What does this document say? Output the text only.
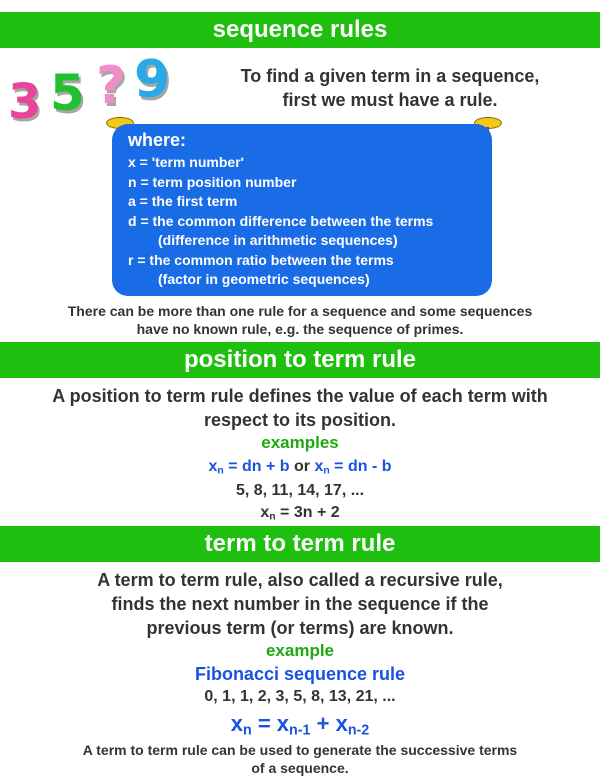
sequence rules
3 5 ? 9	To find a given term in a sequence,
first we must have a rule.
where:
x = 'term number'
n = term position number
a = the first term
d = the common difference between the terms
(difference in arithmetic sequences)
r = the common ratio between the terms
(factor in geometric sequences)
There can be more than one rule for a sequence and some sequences
have no known rule, e.g. the sequence of primes.
position to term rule
A position to term rule defines the value of each term with
respect to its position.
examples
$x_n$ = dn + b or $x_n$ = dn - b
5, 8, 11, 14, 17, ...
$x_n = 3n + 2$
term to term rule
A term to term rule, also called a recursive rule,
finds the next number in the sequence if the
previous term (or terms) are known.
example
Fibonacci sequence rule
0, 1, 1, 2, 3, 5, 8, 13, 21, ...
$x_n = x_{n-1} + x_{n-2}$
A term to term rule can be used to generate the successive terms
of a sequence.
